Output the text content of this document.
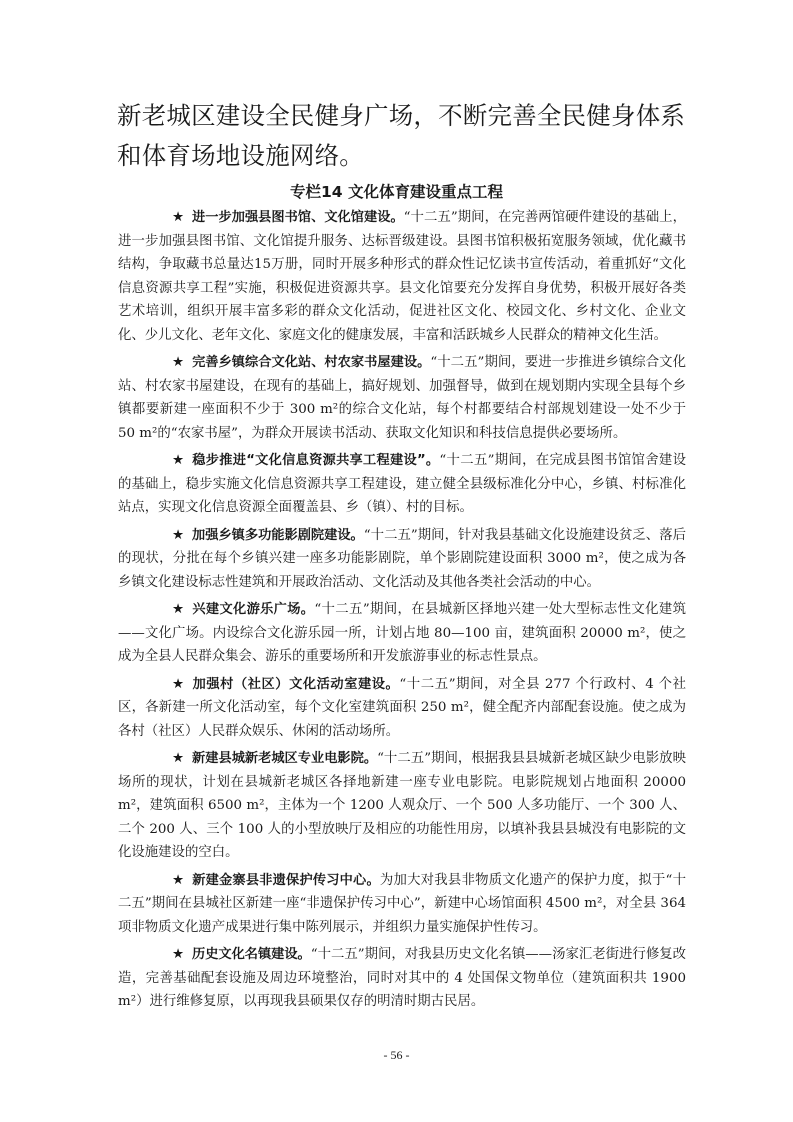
新老城区建设全民健身广场，不断完善全民健身体系和体育场地设施网络。
专栏14 文化体育建设重点工程

★ 进一步加强县图书馆、文化馆建设。“十二五”期间，在完善两馆硬件建设的基础上，进一步加强县图书馆、文化馆提升服务、达标晋级建设。县图书馆积极拓宽服务领域，优化藏书结构，争取藏书总量达15万册，同时开展多种形式的群众性记忆读书宣传活动，着重抓好“文化信息资源共享工程”实施，积极促进资源共享。县文化馆要充分发挥自身优势，积极开展好各类艺术培训，组织开展丰富多彩的群众文化活动，促进社区文化、校园文化、乡村文化、企业文化、少儿文化、老年文化、家庭文化的健康发展，丰富和活跃城乡人民群众的精神文化生活。

★ 完善乡镇综合文化站、村农家书屋建设。“十二五”期间，要进一步推进乡镇综合文化站、村农家书屋建设，在现有的基础上，搞好规划、加强督导，做到在规划期内实现全县每个乡镇都要新建一座面积不少于 300 m²的综合文化站，每个村都要结合村部规划建设一处不少于 50 m²的“农家书屋”，为群众开展读书活动、获取文化知识和科技信息提供必要场所。

★ 稳步推进“文化信息资源共享工程建设”。“十二五”期间，在完成县图书馆馆舍建设的基础上，稳步实施文化信息资源共享工程建设，建立健全县级标准化分中心，乡镇、村标准化站点，实现文化信息资源全面覆盖县、乡（镇）、村的目标。

★ 加强乡镇多功能影剧院建设。“十二五”期间，针对我县基础文化设施建设贫乏、落后的现状，分批在每个乡镇兴建一座多功能影剧院，单个影剧院建设面积 3000 m²，使之成为各乡镇文化建设标志性建筑和开展政治活动、文化活动及其他各类社会活动的中心。

★ 兴建文化游乐广场。“十二五”期间，在县城新区择地兴建一处大型标志性文化建筑——文化广场。内设综合文化游乐园一所，计划占地 80—100 亩，建筑面积 20000 m²，使之成为全县人民群众集会、游乐的重要场所和开发旅游事业的标志性景点。

★ 加强村（社区）文化活动室建设。“十二五”期间，对全县 277 个行政村、4 个社区，各新建一所文化活动室，每个文化室建筑面积 250 m²，健全配齐内部配套设施。使之成为各村（社区）人民群众娱乐、休闲的活动场所。

★ 新建县城新老城区专业电影院。“十二五”期间，根据我县县城新老城区缺少电影放映场所的现状，计划在县城新老城区各择地新建一座专业电影院。电影院规划占地面积 20000 m²，建筑面积 6500 m²，主体为一个 1200 人观众厅、一个 500 人多功能厅、一个 300 人、二个 200 人、三个 100 人的小型放映厅及相应的功能性用房，以填补我县县城没有电影院的文化设施建设的空白。

★ 新建金寨县非遗保护传习中心。为加大对我县非物质文化遗产的保护力度，拟于“十二五”期间在县城社区新建一座“非遗保护传习中心”，新建中心场馆面积 4500 m²，对全县 364 项非物质文化遗产成果进行集中陈列展示，并组织力量实施保护性传习。

★ 历史文化名镇建设。“十二五”期间，对我县历史文化名镇——汤家汇老街进行修复改造，完善基础配套设施及周边环境整治，同时对其中的 4 处国保文物单位（建筑面积共 1900 m²）进行维修复原，以再现我县硕果仅存的明清时期古民居。

- 56 -
